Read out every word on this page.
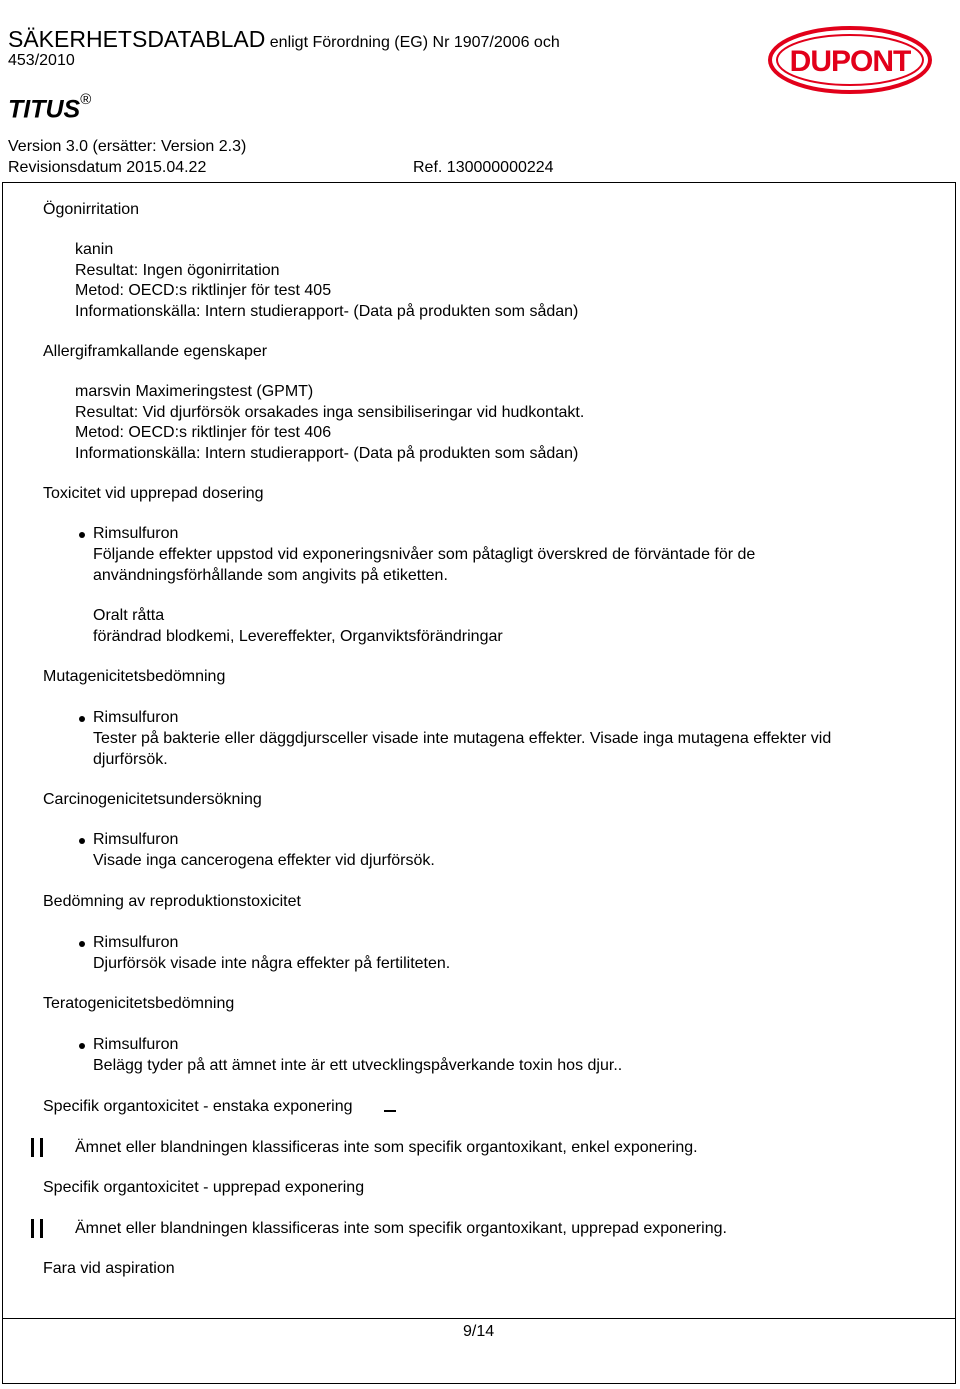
SÄKERHETSDATABLAD enligt Förordning (EG) Nr 1907/2006 och
453/2010
TITUS®
Version 3.0 (ersätter: Version 2.3)
Revisionsdatum 2015.04.22	Ref. 130000000224
DUPONT
Ögonirritation
kanin
Resultat: Ingen ögonirritation
Metod: OECD:s riktlinjer för test 405
Informationskälla: Intern studierapport- (Data på produkten som sådan)
Allergiframkallande egenskaper
marsvin Maximeringstest (GPMT)
Resultat: Vid djurförsök orsakades inga sensibiliseringar vid hudkontakt.
Metod: OECD:s riktlinjer för test 406
Informationskälla: Intern studierapport- (Data på produkten som sådan)
Toxicitet vid upprepad dosering
Rimsulfuron
Följande effekter uppstod vid exponeringsnivåer som påtagligt överskred de förväntade för de
användningsförhållande som angivits på etiketten.
Oralt råtta
förändrad blodkemi, Levereffekter, Organviktsförändringar
Mutagenicitetsbedömning
Rimsulfuron
Tester på bakterie eller däggdjursceller visade inte mutagena effekter. Visade inga mutagena effekter vid
djurförsök.
Carcinogenicitetsundersökning
Rimsulfuron
Visade inga cancerogena effekter vid djurförsök.
Bedömning av reproduktionstoxicitet
Rimsulfuron
Djurförsök visade inte några effekter på fertiliteten.
Teratogenicitetsbedömning
Rimsulfuron
Belägg tyder på att ämnet inte är ett utvecklingspåverkande toxin hos djur..
Specifik organtoxicitet - enstaka exponering
Ämnet eller blandningen klassificeras inte som specifik organtoxikant, enkel exponering.
Specifik organtoxicitet - upprepad exponering
Ämnet eller blandningen klassificeras inte som specifik organtoxikant, upprepad exponering.
Fara vid aspiration
9/14
